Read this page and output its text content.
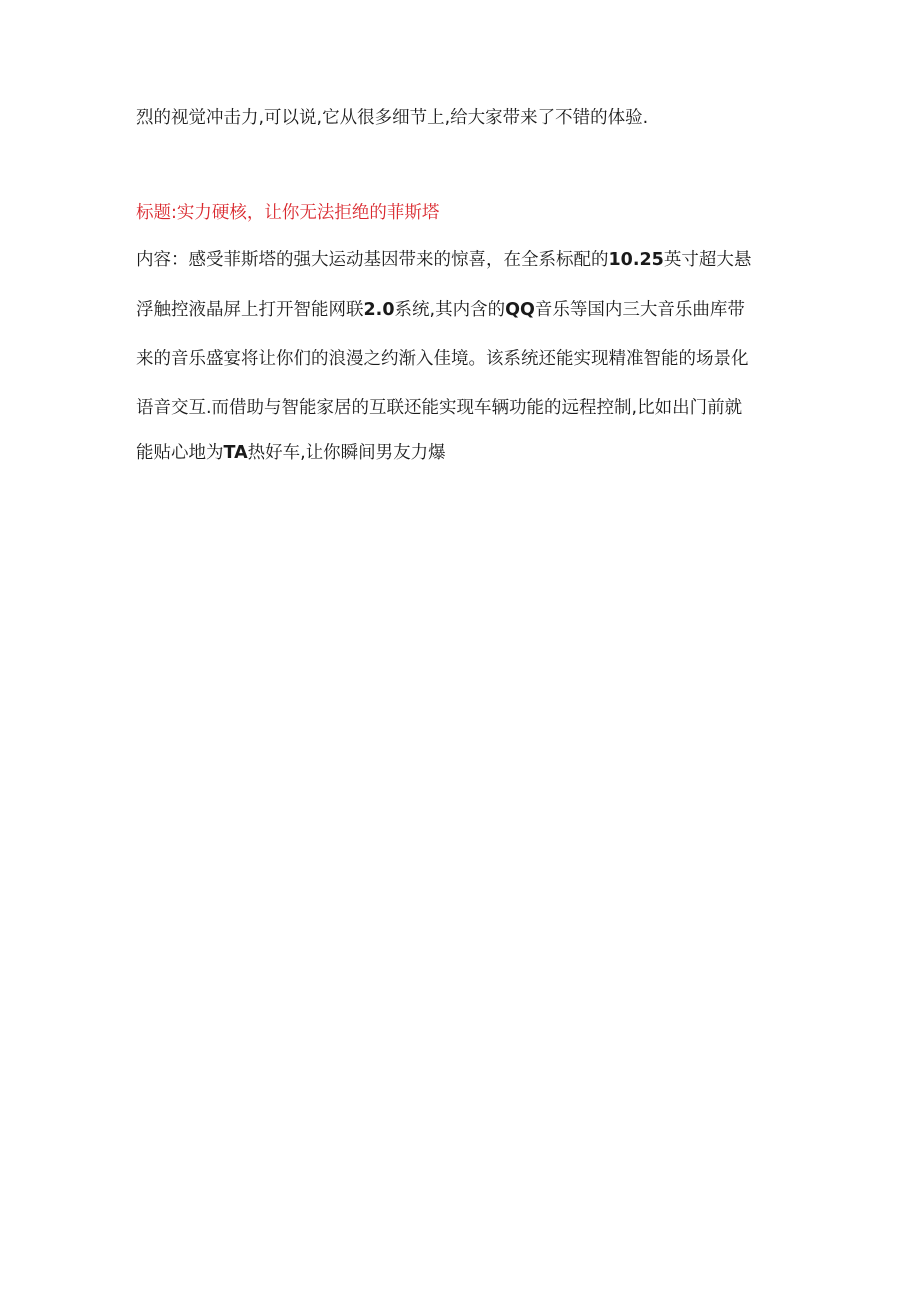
烈的视觉冲击力,可以说,它从很多细节上,给大家带来了不错的体验.
标题:实力硬核，让你无法拒绝的菲斯塔
内容：感受菲斯塔的强大运动基因带来的惊喜，在全系标配的10.25英寸超大悬
浮触控液晶屏上打开智能网联2.0系统,其内含的QQ音乐等国内三大音乐曲库带
来的音乐盛宴将让你们的浪漫之约渐入佳境。该系统还能实现精准智能的场景化
语音交互.而借助与智能家居的互联还能实现车辆功能的远程控制,比如出门前就
能贴心地为TA热好车,让你瞬间男友力爆
